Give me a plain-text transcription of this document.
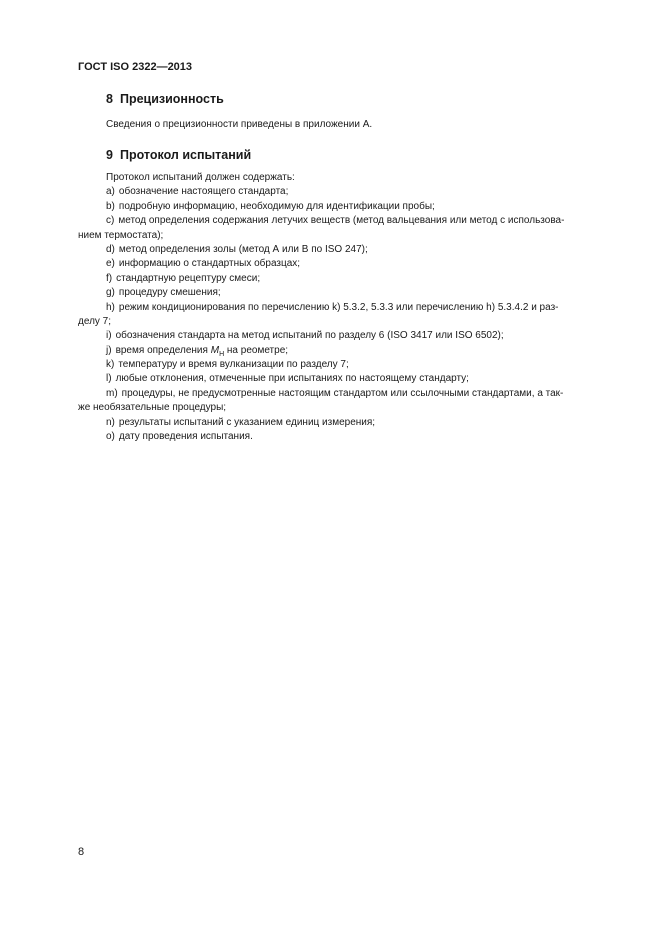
ГОСТ ISO 2322—2013
8 Прецизионность
Сведения о прецизионности приведены в приложении А.
9 Протокол испытаний
Протокол испытаний должен содержать:
a) обозначение настоящего стандарта;
b) подробную информацию, необходимую для идентификации пробы;
c) метод определения содержания летучих веществ (метод вальцевания или метод с использова-
нием термостата);
d) метод определения золы (метод А или В по ISO 247);
e) информацию о стандартных образцах;
f) стандартную рецептуру смеси;
g) процедуру смешения;
h) режим кондиционирования по перечислению k) 5.3.2, 5.3.3 или перечислению h) 5.3.4.2 и раз-
делу 7;
i) обозначения стандарта на метод испытаний по разделу 6 (ISO 3417 или ISO 6502);
j) время определения $M_H$ на реометре;
k) температуру и время вулканизации по разделу 7;
l) любые отклонения, отмеченные при испытаниях по настоящему стандарту;
m) процедуры, не предусмотренные настоящим стандартом или ссылочными стандартами, а так-
же необязательные процедуры;
n) результаты испытаний с указанием единиц измерения;
o) дату проведения испытания.
8
